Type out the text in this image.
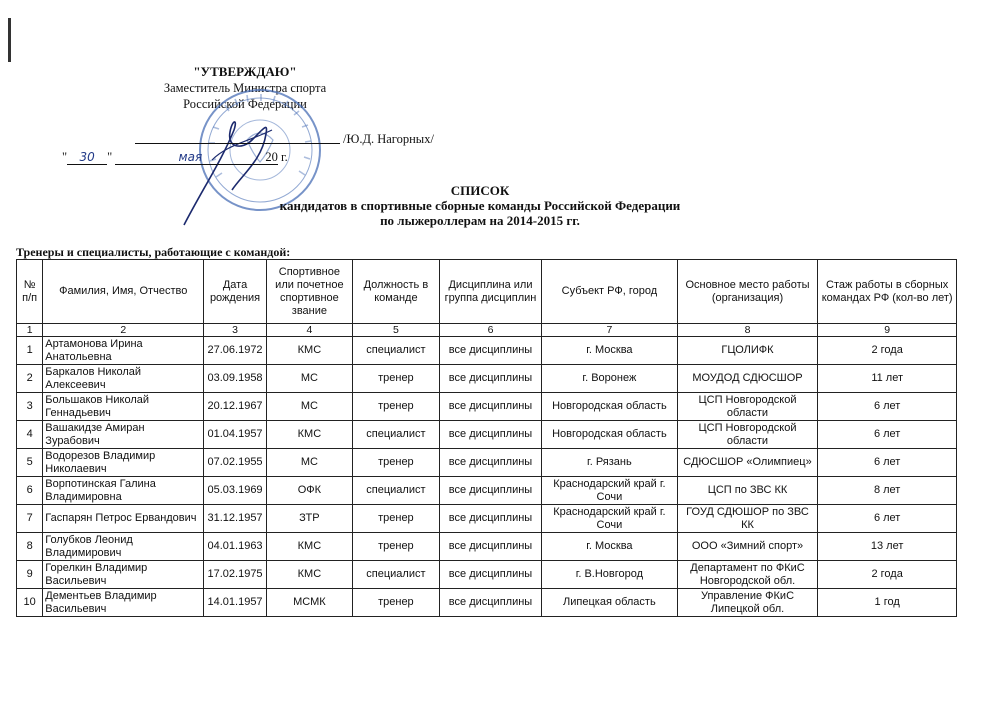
"УТВЕРЖДАЮ"
Заместитель Министра спорта
Российской Федерации
/Ю.Д. Нагорных/
" 30 "	мая	20 г.
СПИСОК
кандидатов в спортивные сборные команды Российской Федерации
по лыжероллерам на 2014-2015 гг.
Тренеры и специалисты, работающие с командой:
№ п/п	Фамилия, Имя, Отчество	Дата рождения	Спортивное или почетное спортивное звание	Должность в команде	Дисциплина или группа дисциплин	Субъект РФ, город	Основное место работы (организация)	Стаж работы в сборных командах РФ (кол-во лет)
1	2	3	4	5	6	7	8	9
1	Артамонова Ирина Анатольевна	27.06.1972	КМС	специалист	все дисциплины	г. Москва	ГЦОЛИФК	2 года
2	Баркалов Николай Алексеевич	03.09.1958	МС	тренер	все дисциплины	г. Воронеж	МОУДОД СДЮСШОР	11 лет
3	Большаков Николай Геннадьевич	20.12.1967	МС	тренер	все дисциплины	Новгородская область	ЦСП Новгородской области	6 лет
4	Вашакидзе Амиран Зурабович	01.04.1957	КМС	специалист	все дисциплины	Новгородская область	ЦСП Новгородской области	6 лет
5	Водорезов Владимир Николаевич	07.02.1955	МС	тренер	все дисциплины	г. Рязань	СДЮСШОР «Олимпиец»	6 лет
6	Ворпотинская Галина Владимировна	05.03.1969	ОФК	специалист	все дисциплины	Краснодарский край г. Сочи	ЦСП по ЗВС КК	8 лет
7	Гаспарян Петрос Ервандович	31.12.1957	ЗТР	тренер	все дисциплины	Краснодарский край г. Сочи	ГОУД СДЮШОР по ЗВС КК	6 лет
8	Голубков Леонид Владимирович	04.01.1963	КМС	тренер	все дисциплины	г. Москва	ООО «Зимний спорт»	13 лет
9	Горелкин Владимир Васильевич	17.02.1975	КМС	специалист	все дисциплины	г. В.Новгород	Департамент по ФКиС Новгородской обл.	2 года
10	Дементьев Владимир Васильевич	14.01.1957	МСМК	тренер	все дисциплины	Липецкая область	Управление ФКиС Липецкой обл.	1 год
